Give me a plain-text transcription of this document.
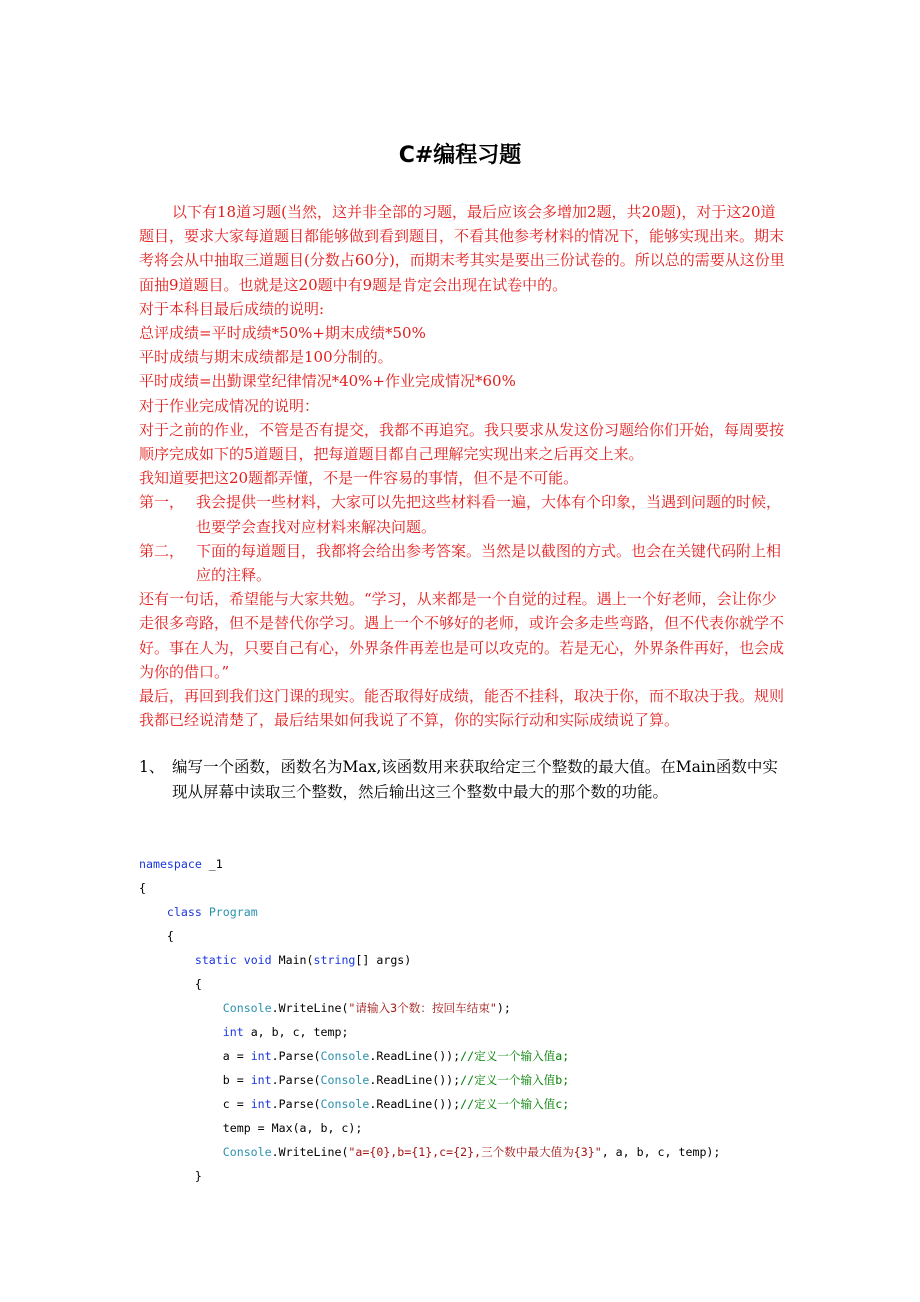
C#编程习题

以下有18道习题(当然，这并非全部的习题，最后应该会多增加2题，共20题)，对于这20道题目，要求大家每道题目都能够做到看到题目，不看其他参考材料的情况下，能够实现出来。期末考将会从中抽取三道题目(分数占60分)，而期末考其实是要出三份试卷的。所以总的需要从这份里面抽9道题目。也就是这20题中有9题是肯定会出现在试卷中的。

对于本科目最后成绩的说明:

总评成绩=平时成绩*50%+期末成绩*50%

平时成绩与期末成绩都是100分制的。

平时成绩=出勤课堂纪律情况*40%+作业完成情况*60%

对于作业完成情况的说明：

对于之前的作业，不管是否有提交，我都不再追究。我只要求从发这份习题给你们开始，每周要按顺序完成如下的5道题目，把每道题目都自己理解完实现出来之后再交上来。

我知道要把这20题都弄懂，不是一件容易的事情，但不是不可能。

第一， 我会提供一些材料，大家可以先把这些材料看一遍，大体有个印象，当遇到问题的时候，也要学会查找对应材料来解决问题。
第二， 下面的每道题目，我都将会给出参考答案。当然是以截图的方式。也会在关键代码附上相应的注释。

还有一句话，希望能与大家共勉。“学习，从来都是一个自觉的过程。遇上一个好老师，会让你少走很多弯路，但不是替代你学习。遇上一个不够好的老师，或许会多走些弯路，但不代表你就学不好。事在人为，只要自己有心，外界条件再差也是可以攻克的。若是无心，外界条件再好，也会成为你的借口。”

最后，再回到我们这门课的现实。能否取得好成绩，能否不挂科，取决于你，而不取决于我。规则我都已经说清楚了，最后结果如何我说了不算，你的实际行动和实际成绩说了算。

1、 编写一个函数，函数名为Max,该函数用来获取给定三个整数的最大值。在Main函数中实现从屏幕中读取三个整数，然后输出这三个整数中最大的那个数的功能。
namespace _1
{
class Program
{
static void Main(string[] args)
{
Console.WriteLine("请输入3个数：按回车结束");
int a, b, c, temp;
a = int.Parse(Console.ReadLine());//定义一个输入值a;
b = int.Parse(Console.ReadLine());//定义一个输入值b;
c = int.Parse(Console.ReadLine());//定义一个输入值c;
temp = Max(a, b, c);
Console.WriteLine("a={0},b={1},c={2},三个数中最大值为{3}", a, b, c, temp);
}
